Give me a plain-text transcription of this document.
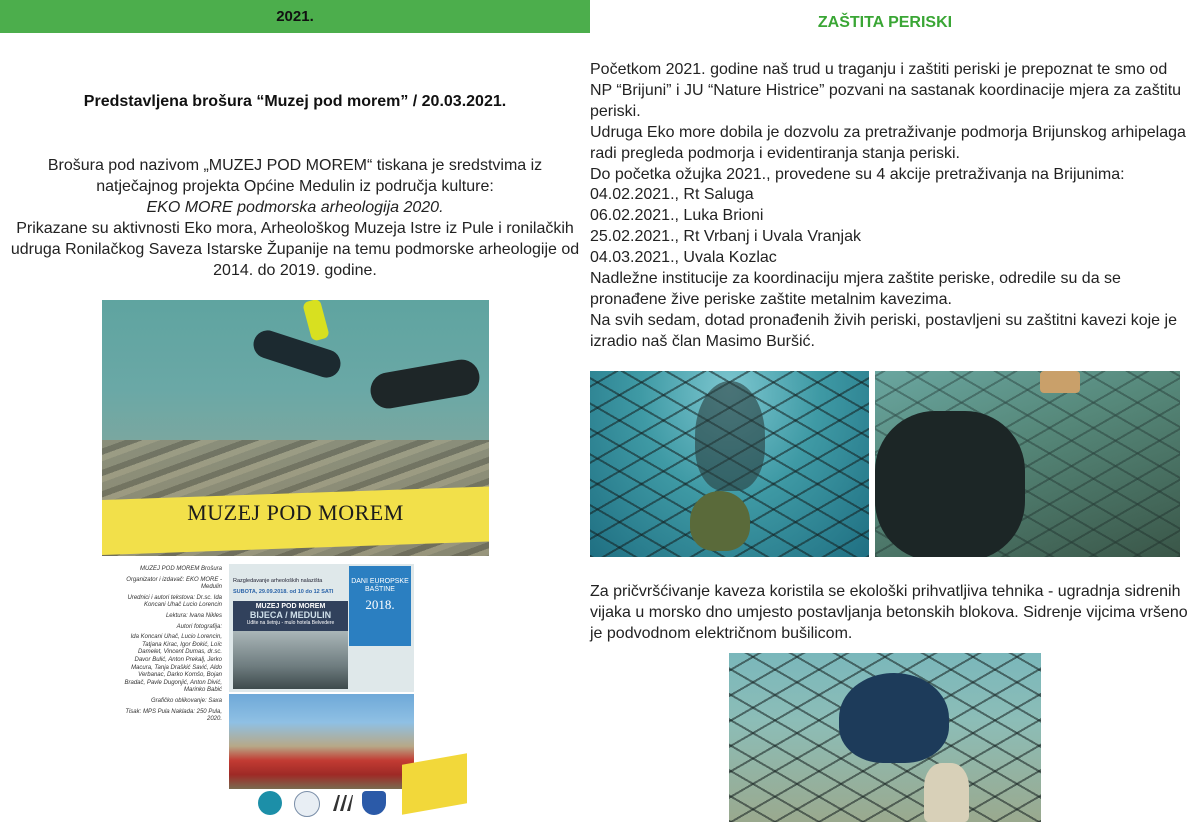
2021.
Predstavljena brošura “Muzej pod morem” / 20.03.2021.

Brošura pod nazivom „MUZEJ POD MOREM“ tiskana je sredstvima iz natječajnog projekta Općine Medulin iz područja kulture:

EKO MORE podmorska arheologija 2020.

Prikazane su aktivnosti Eko mora, Arheološkog Muzeja Istre iz Pule i ronilačkih udruga Ronilačkog Saveza Istarske Županije na temu podmorske arheologije od 2014. do 2019. godine.

MUZEJ POD MOREM

MUZEJ POD MOREM Brošura

Organizator i izdavač: EKO MORE - Medulin

Urednici i autori tekstova: Dr.sc. Ida Koncani Uhač Lucio Lorencin

Lektura: Ivana Nikles

Autori fotografija:

Ida Koncani Uhač, Lucio Lorencin, Tatjana Kirac, Igor Đokić, Loïc Damelet, Vincent Dumas, dr.sc. Davor Bulić, Anton Prekalj, Jerko Macura, Tanja Draškić Savić, Aldo Verbanac, Darko Komšo, Bojan Bradač, Pavle Dugonjić, Anton Divić, Marinko Babić

Grafičko oblikovanje: Saxa

Tisak: MPS Pula Naklada: 250 Pula, 2020.

Razgledavanje arheoloških nalazišta
SUBOTA, 29.09.2018. od 10 do 12 SATI
MUZEJ POD MOREM
BIJECA / MEDULIN
Uđite na šetnju - mulo hotela Belvedere
DANI EUROPSKE BAŠTINE
2018.
ZAŠTITA PERISKI

Početkom 2021. godine naš trud u traganju i zaštiti periski je prepoznat te smo od NP “Brijuni” i JU “Nature Histrice” pozvani na sastanak koordinacije mjera za zaštitu periski.

Udruga Eko more dobila je dozvolu za pretraživanje podmorja Brijunskog arhipelaga radi pregleda podmorja i evidentiranja stanja periski.

Do početka ožujka 2021., provedene su 4 akcije pretraživanja na Brijunima:

04.02.2021., Rt Saluga

06.02.2021., Luka Brioni

25.02.2021., Rt Vrbanj i Uvala Vranjak

04.03.2021., Uvala Kozlac

Nadležne institucije za koordinaciju mjera zaštite periske, odredile su da se pronađene žive periske zaštite metalnim kavezima.

Na svih sedam, dotad pronađenih živih periski, postavljeni su zaštitni kavezi koje je izradio naš član Masimo Buršić.

Za pričvršćivanje kaveza koristila se ekološki prihvatljiva tehnika - ugradnja sidrenih vijaka u morsko dno umjesto postavljanja betonskih blokova. Sidrenje vijcima vršeno je podvodnom električnom bušilicom.
